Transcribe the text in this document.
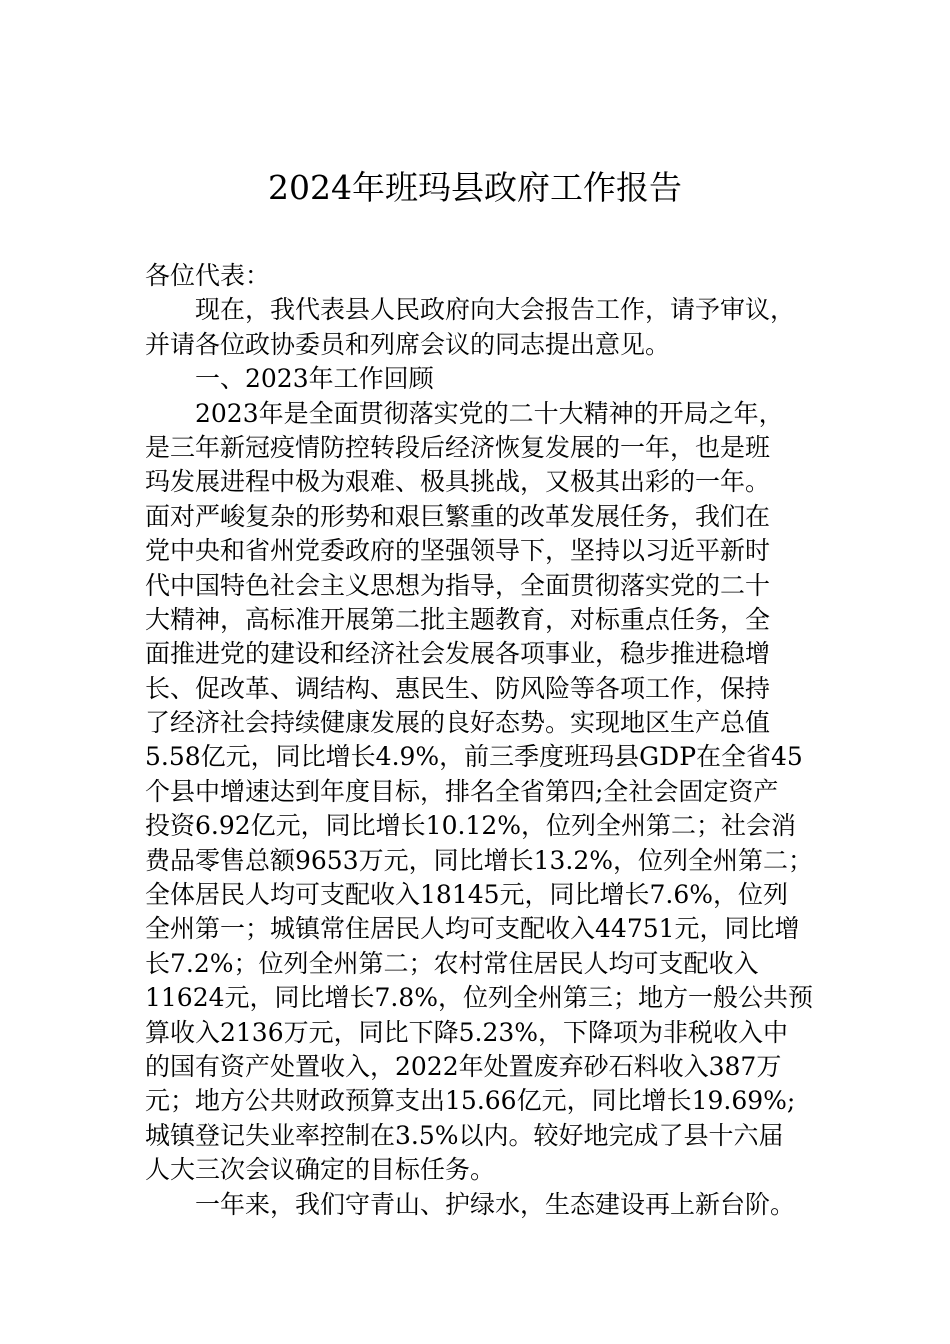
2024年班玛县政府工作报告
各位代表：
　　现在，我代表县人民政府向大会报告工作，请予审议，
并请各位政协委员和列席会议的同志提出意见。
　　一、2023年工作回顾
　　2023年是全面贯彻落实党的二十大精神的开局之年，
是三年新冠疫情防控转段后经济恢复发展的一年，也是班
玛发展进程中极为艰难、极具挑战，又极其出彩的一年。
面对严峻复杂的形势和艰巨繁重的改革发展任务，我们在
党中央和省州党委政府的坚强领导下，坚持以习近平新时
代中国特色社会主义思想为指导，全面贯彻落实党的二十
大精神，高标准开展第二批主题教育，对标重点任务，全
面推进党的建设和经济社会发展各项事业，稳步推进稳增
长、促改革、调结构、惠民生、防风险等各项工作，保持
了经济社会持续健康发展的良好态势。实现地区生产总值
5.58亿元，同比增长4.9%，前三季度班玛县GDP在全省45
个县中增速达到年度目标，排名全省第四;全社会固定资产
投资6.92亿元，同比增长10.12%，位列全州第二；社会消
费品零售总额9653万元，同比增长13.2%，位列全州第二；
全体居民人均可支配收入18145元，同比增长7.6%，位列
全州第一；城镇常住居民人均可支配收入44751元，同比增
长7.2%；位列全州第二；农村常住居民人均可支配收入
11624元，同比增长7.8%，位列全州第三；地方一般公共预
算收入2136万元，同比下降5.23%，下降项为非税收入中
的国有资产处置收入，2022年处置废弃砂石料收入387万
元；地方公共财政预算支出15.66亿元，同比增长19.69%;
城镇登记失业率控制在3.5%以内。较好地完成了县十六届
人大三次会议确定的目标任务。
　　一年来，我们守青山、护绿水，生态建设再上新台阶。
